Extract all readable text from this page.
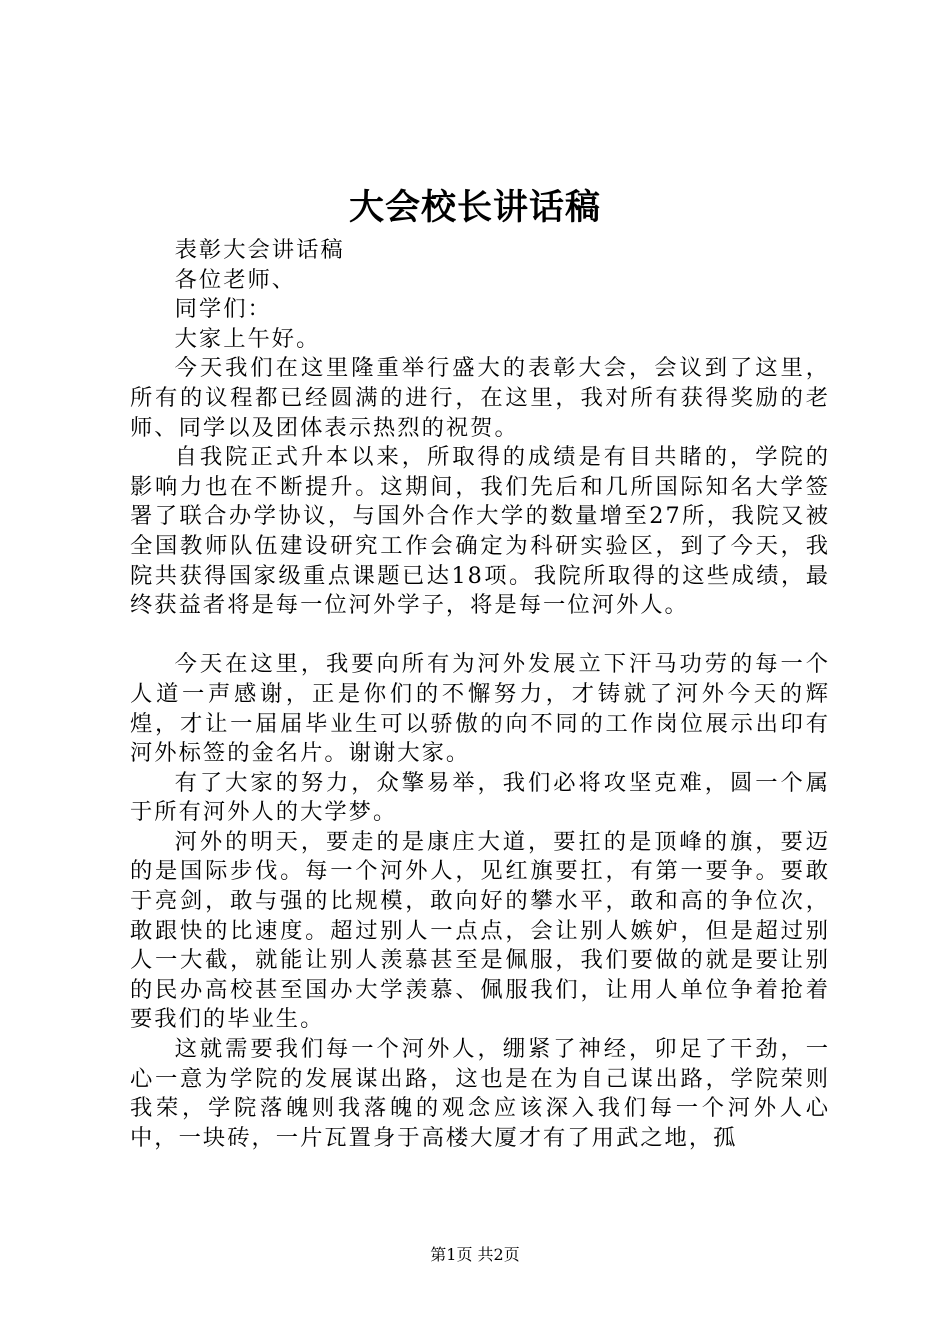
大会校长讲话稿

表彰大会讲话稿

各位老师、

同学们：

大家上午好。

今天我们在这里隆重举行盛大的表彰大会，会议到了这里，所有的议程都已经圆满的进行，在这里，我对所有获得奖励的老师、同学以及团体表示热烈的祝贺。

自我院正式升本以来，所取得的成绩是有目共睹的，学院的影响力也在不断提升。这期间，我们先后和几所国际知名大学签署了联合办学协议，与国外合作大学的数量增至27所，我院又被全国教师队伍建设研究工作会确定为科研实验区，到了今天，我院共获得国家级重点课题已达18项。我院所取得的这些成绩，最终获益者将是每一位河外学子，将是每一位河外人。

今天在这里，我要向所有为河外发展立下汗马功劳的每一个人道一声感谢，正是你们的不懈努力，才铸就了河外今天的辉煌，才让一届届毕业生可以骄傲的向不同的工作岗位展示出印有河外标签的金名片。谢谢大家。

有了大家的努力，众擎易举，我们必将攻坚克难，圆一个属于所有河外人的大学梦。

河外的明天，要走的是康庄大道，要扛的是顶峰的旗，要迈的是国际步伐。每一个河外人，见红旗要扛，有第一要争。要敢于亮剑，敢与强的比规模，敢向好的攀水平，敢和高的争位次，敢跟快的比速度。超过别人一点点，会让别人嫉妒，但是超过别人一大截，就能让别人羡慕甚至是佩服，我们要做的就是要让别的民办高校甚至国办大学羡慕、佩服我们，让用人单位争着抢着要我们的毕业生。

这就需要我们每一个河外人，绷紧了神经，卯足了干劲，一心一意为学院的发展谋出路，这也是在为自己谋出路，学院荣则我荣，学院落魄则我落魄的观念应该深入我们每一个河外人心中，一块砖，一片瓦置身于高楼大厦才有了用武之地，孤

第1页 共2页
